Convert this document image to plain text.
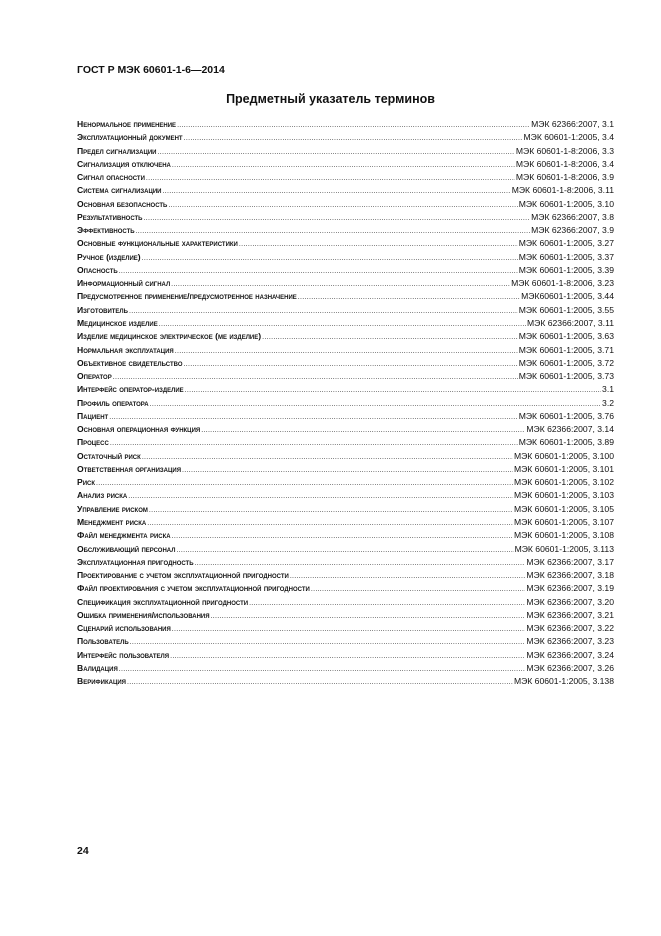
ГОСТ Р МЭК 60601-1-6—2014
Предметный указатель терминов
Ненормальное применение .....	МЭК 62366:2007, 3.1
Эксплуатационный документ .....	МЭК 60601-1:2005, 3.4
Предел сигнализации .....	МЭК 60601-1-8:2006, 3.3
Сигнализация отключена .....	МЭК 60601-1-8:2006, 3.4
Сигнал опасности .....	МЭК 60601-1-8:2006, 3.9
Система сигнализации .....	МЭК 60601-1-8:2006, 3.11
Основная безопасность .....	МЭК 60601-1:2005, 3.10
Результативность .....	МЭК 62366:2007, 3.8
Эффективность .....	МЭК 62366:2007, 3.9
Основные функциональные характеристики .....	МЭК 60601-1:2005, 3.27
Ручное (изделие) .....	МЭК 60601-1:2005, 3.37
Опасность .....	МЭК 60601-1:2005, 3.39
Информационный сигнал .....	МЭК 60601-1-8:2006, 3.23
Предусмотренное применение/предусмотренное назначение .....	МЭК60601-1:2005, 3.44
Изготовитель .....	МЭК 60601-1:2005, 3.55
Медицинское изделие .....	МЭК 62366:2007, 3.11
Изделие медицинское электрическое (ме изделие) .....	МЭК 60601-1:2005, 3.63
Нормальная эксплуатация .....	МЭК 60601-1:2005, 3.71
Объективное свидетельство .....	МЭК 60601-1:2005, 3.72
Оператор .....	МЭК 60601-1:2005, 3.73
Интерфейс оператор-изделие .....	3.1
Профиль оператора .....	3.2
Пациент .....	МЭК 60601-1:2005, 3.76
Основная операционная функция .....	МЭК 62366:2007, 3.14
Процесс .....	МЭК 60601-1:2005, 3.89
Остаточный риск .....	МЭК 60601-1:2005, 3.100
Ответственная организация .....	МЭК 60601-1:2005, 3.101
Риск .....	МЭК 60601-1:2005, 3.102
Анализ риска .....	МЭК 60601-1:2005, 3.103
Управление риском .....	МЭК 60601-1:2005, 3.105
Менеджмент риска .....	МЭК 60601-1:2005, 3.107
Файл менеджмента риска .....	МЭК 60601-1:2005, 3.108
Обслуживающий персонал .....	МЭК 60601-1:2005, 3.113
Эксплуатационная пригодность .....	МЭК 62366:2007, 3.17
Проектирование с учетом эксплуатационной пригодности .....	МЭК 62366:2007, 3.18
Файл проектирования с учетом эксплуатационной пригодности .....	МЭК 62366:2007, 3.19
Спецификация эксплуатационной пригодности .....	МЭК 62366:2007, 3.20
Ошибка применения/использования .....	МЭК 62366:2007, 3.21
Сценарий использования .....	МЭК 62366:2007, 3.22
Пользователь .....	МЭК 62366:2007, 3.23
Интерфейс пользователя .....	МЭК 62366:2007, 3.24
Валидация .....	МЭК 62366:2007, 3.26
Верификация .....	МЭК 60601-1:2005, 3.138
24
